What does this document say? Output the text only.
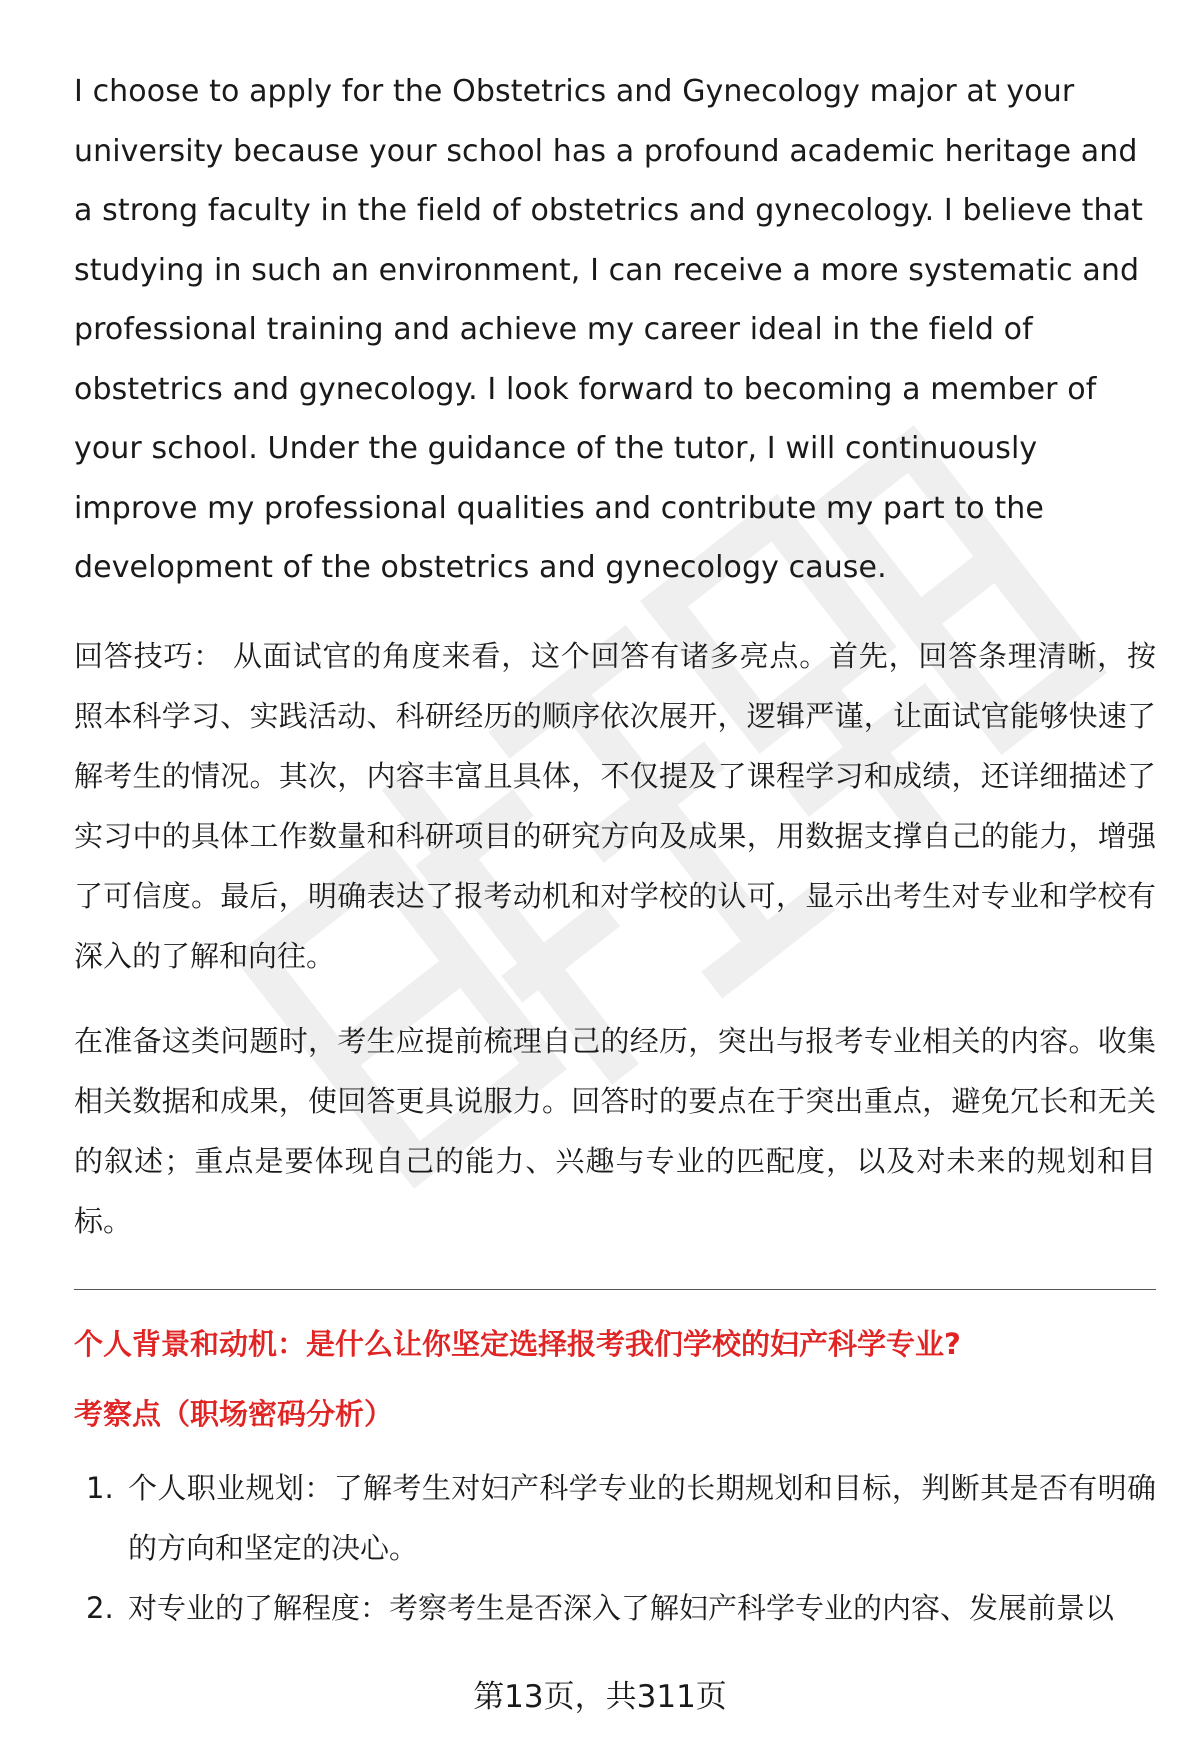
I choose to apply for the Obstetrics and Gynecology major at your university because your school has a profound academic heritage and a strong faculty in the field of obstetrics and gynecology. I believe that studying in such an environment, I can receive a more systematic and professional training and achieve my career ideal in the field of obstetrics and gynecology. I look forward to becoming a member of your school. Under the guidance of the tutor, I will continuously improve my professional qualities and contribute my part to the development of the obstetrics and gynecology cause.

回答技巧： 从面试官的角度来看，这个回答有诸多亮点。首先，回答条理清晰，按照本科学习、实践活动、科研经历的顺序依次展开，逻辑严谨，让面试官能够快速了解考生的情况。其次，内容丰富且具体，不仅提及了课程学习和成绩，还详细描述了实习中的具体工作数量和科研项目的研究方向及成果，用数据支撑自己的能力，增强了可信度。最后，明确表达了报考动机和对学校的认可，显示出考生对专业和学校有深入的了解和向往。

在准备这类问题时，考生应提前梳理自己的经历，突出与报考专业相关的内容。收集相关数据和成果，使回答更具说服力。回答时的要点在于突出重点，避免冗长和无关的叙述；重点是要体现自己的能力、兴趣与专业的匹配度，以及对未来的规划和目标。

个人背景和动机：是什么让你坚定选择报考我们学校的妇产科学专业?
考察点（职场密码分析）
1. 个人职业规划：了解考生对妇产科学专业的长期规划和目标，判断其是否有明确的方向和坚定的决心。
2. 对专业的了解程度：考察考生是否深入了解妇产科学专业的内容、发展前景以
第13页，共311页
